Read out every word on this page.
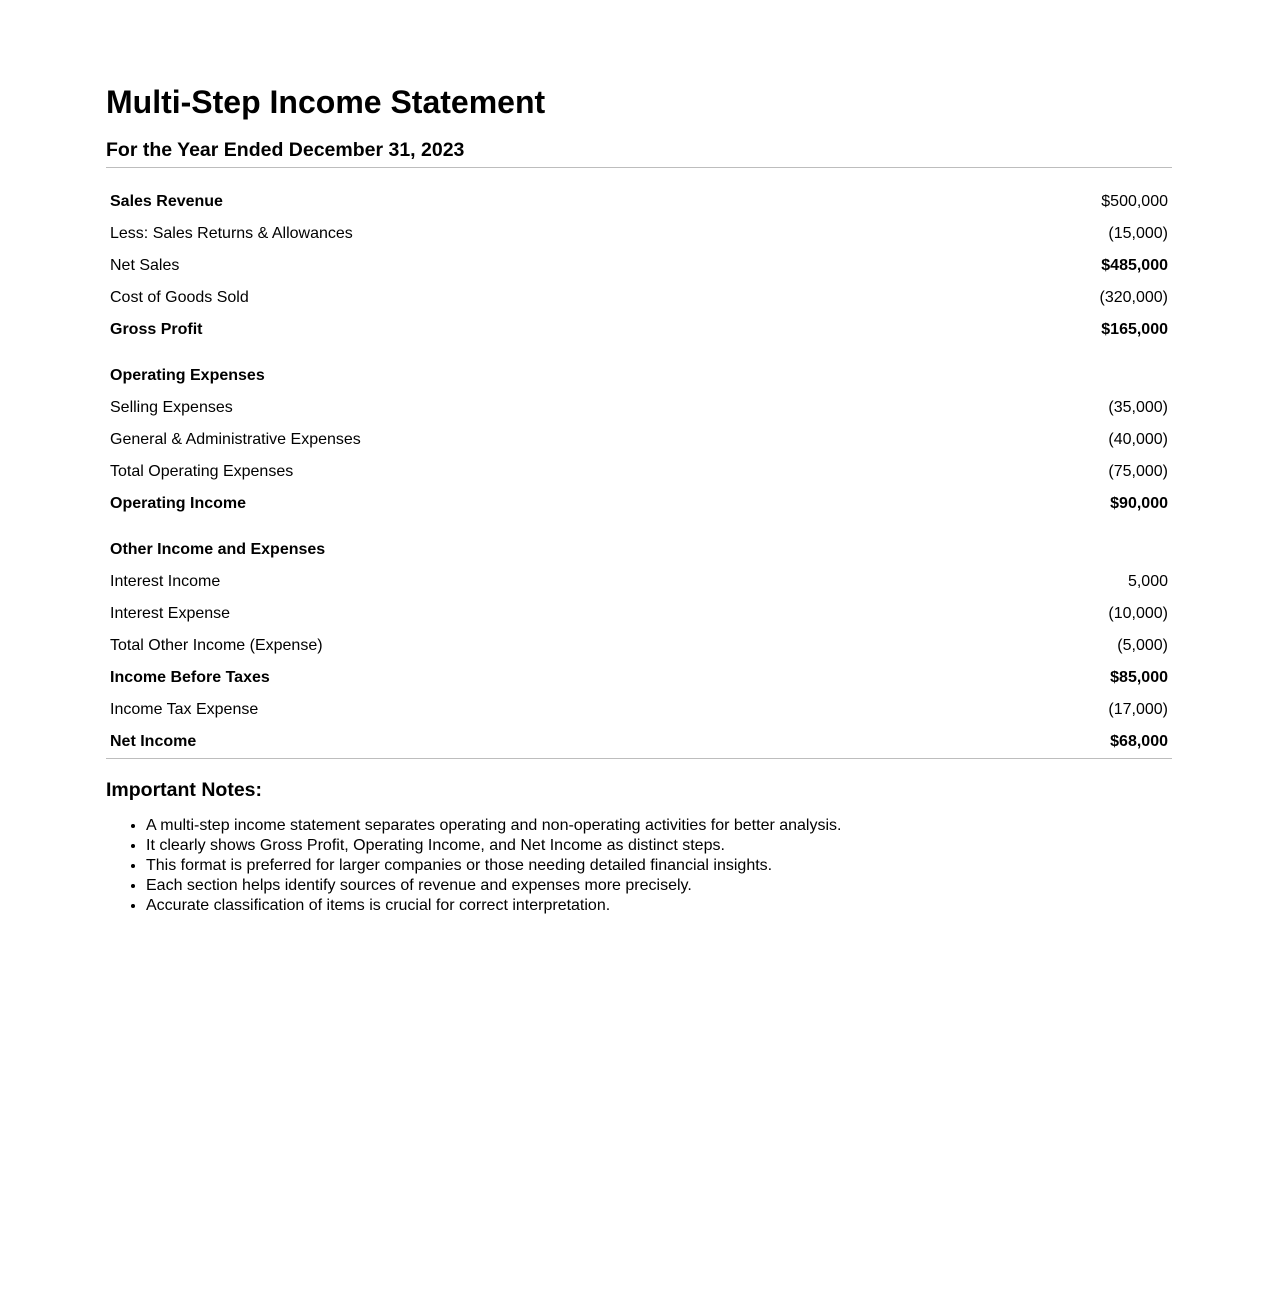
Multi-Step Income Statement
For the Year Ended December 31, 2023
Sales Revenue	$500,000
Less: Sales Returns & Allowances	(15,000)
Net Sales	$485,000
Cost of Goods Sold	(320,000)
Gross Profit	$165,000

Operating Expenses	
Selling Expenses	(35,000)
General & Administrative Expenses	(40,000)
Total Operating Expenses	(75,000)
Operating Income	$90,000

Other Income and Expenses	
Interest Income	5,000
Interest Expense	(10,000)
Total Other Income (Expense)	(5,000)
Income Before Taxes	$85,000
Income Tax Expense	(17,000)
Net Income	$68,000
Important Notes:
• A multi-step income statement separates operating and non-operating activities for better analysis.
• It clearly shows Gross Profit, Operating Income, and Net Income as distinct steps.
• This format is preferred for larger companies or those needing detailed financial insights.
• Each section helps identify sources of revenue and expenses more precisely.
• Accurate classification of items is crucial for correct interpretation.
